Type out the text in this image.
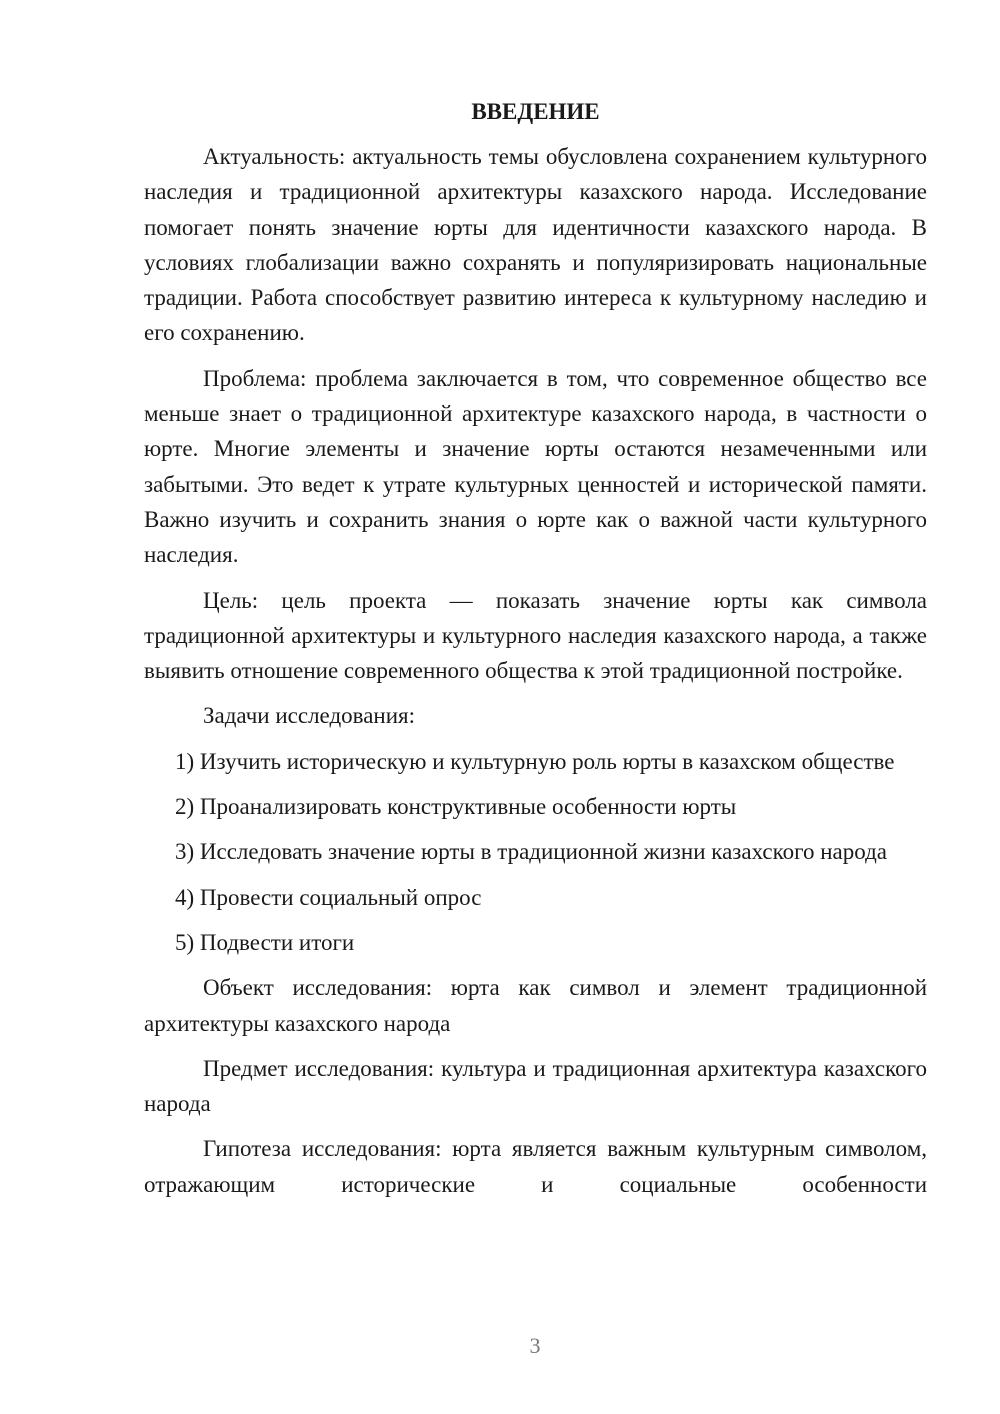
ВВЕДЕНИЕ

Актуальность: актуальность темы обусловлена сохранением культурного наследия и традиционной архитектуры казахского народа. Исследование помогает понять значение юрты для идентичности казахского народа. В условиях глобализации важно сохранять и популяризировать национальные традиции. Работа способствует развитию интереса к культурному наследию и его сохранению.

Проблема: проблема заключается в том, что современное общество все меньше знает о традиционной архитектуре казахского народа, в частности о юрте. Многие элементы и значение юрты остаются незамеченными или забытыми. Это ведет к утрате культурных ценностей и исторической памяти. Важно изучить и сохранить знания о юрте как о важной части культурного наследия.

Цель: цель проекта — показать значение юрты как символа традиционной архитектуры и культурного наследия казахского народа, а также выявить отношение современного общества к этой традиционной постройке.

Задачи исследования:

1) Изучить историческую и культурную роль юрты в казахском обществе

2) Проанализировать конструктивные особенности юрты

3) Исследовать значение юрты в традиционной жизни казахского народа

4) Провести социальный опрос

5) Подвести итоги

Объект исследования: юрта как символ и элемент традиционной архитектуры казахского народа

Предмет исследования: культура и традиционная архитектура казахского народа

Гипотеза исследования: юрта является важным культурным символом, отражающим исторические и социальные особенности

3
